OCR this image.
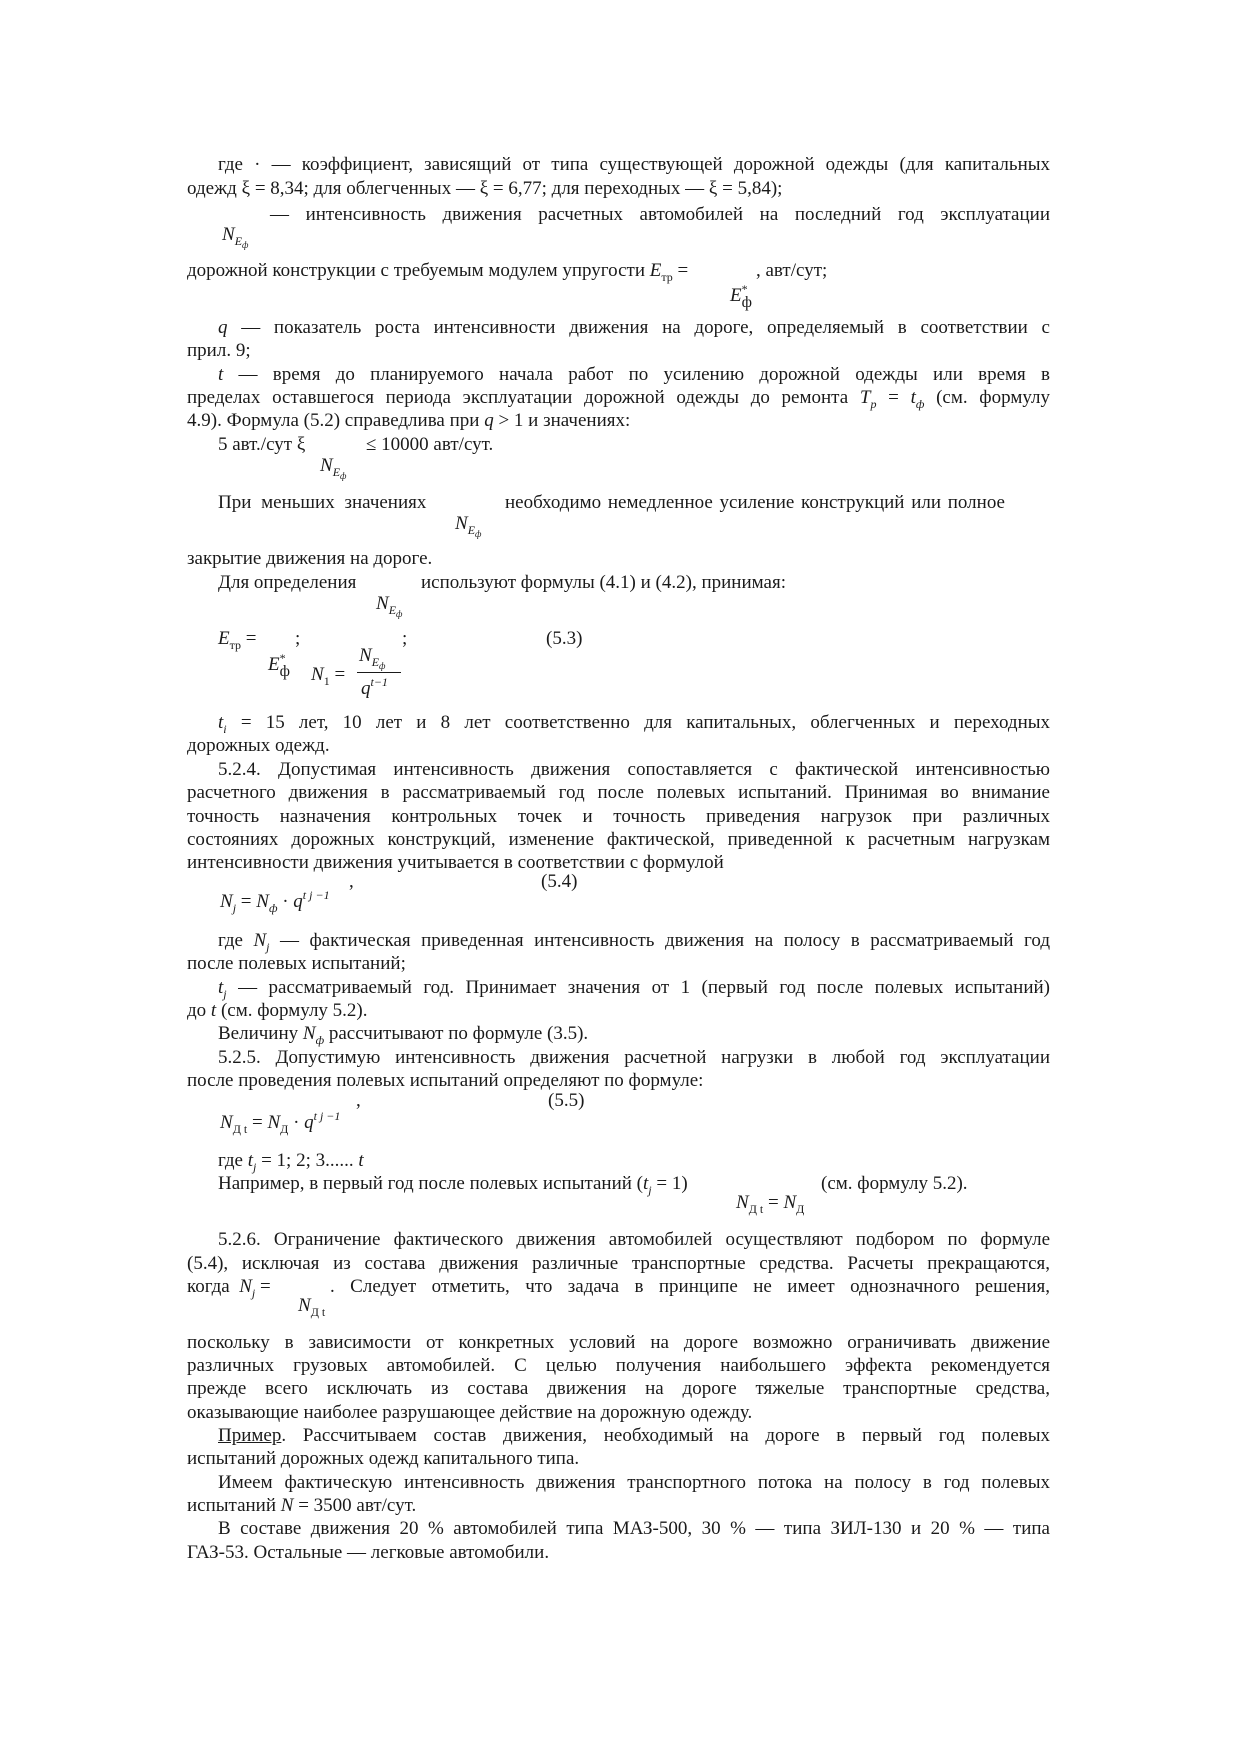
где · — коэффициент, зависящий от типа существующей дорожной одежды (для капитальных
одежд ξ = 8,34; для облегченных — ξ = 6,77; для переходных — ξ = 5,84);
— интенсивность движения расчетных автомобилей на последний год эксплуатации
$N_{E_ф}$
дорожной конструкции с требуемым модулем упругости $E_{тр}$ =	, авт/сут;
$E^*_ф$
q — показатель роста интенсивности движения на дороге, определяемый в соответствии с
прил. 9;
t — время до планируемого начала работ по усилению дорожной одежды или время в
пределах оставшегося периода эксплуатации дорожной одежды до ремонта $T_р = t_ф$ (см. формулу
4.9). Формула (5.2) справедлива при q > 1 и значениях:
5 авт./сут ξ	≤ 10000 авт/сут.
$N_{E_ф}$
При меньших значениях	необходимо немедленное усиление конструкций или полное
$N_{E_ф}$
закрытие движения на дороге.
Для определения	используют формулы (4.1) и (4.2), принимая:
$N_{E_ф}$
$E_{тр}$ = ;	;	(5.3)
$E^*_ф$ $N_1$ =
$N_{E_ф}$
$q^{t-1}$
$t_i = 15$ лет, 10 лет и 8 лет соответственно для капитальных, облегченных и переходных
дорожных одежд.
5.2.4. Допустимая интенсивность движения сопоставляется с фактической интенсивностью
расчетного движения в рассматриваемый год после полевых испытаний. Принимая во внимание
точность назначения контрольных точек и точность приведения нагрузок при различных
состояниях дорожных конструкций, изменение фактической, приведенной к расчетным нагрузкам
интенсивности движения учитывается в соответствии с формулой
,	(5.4)
$N_j = N_ф \cdot q^{t j -1}$
где $N_j$ — фактическая приведенная интенсивность движения на полосу в рассматриваемый год
после полевых испытаний;
$t_j$ — рассматриваемый год. Принимает значения от 1 (первый год после полевых испытаний)
до t (см. формулу 5.2).
Величину $N_ф$ рассчитывают по формуле (3.5).
5.2.5. Допустимую интенсивность движения расчетной нагрузки в любой год эксплуатации
после проведения полевых испытаний определяют по формуле:
,	(5.5)
$N_{Д t} = N_Д \cdot q^{t j -1}$
где $t_j = 1$; 2; 3...... t
Например, в первый год после полевых испытаний $(t_j = 1)$	(см. формулу 5.2).
$N_{Д t} = N_Д$
5.2.6. Ограничение фактического движения автомобилей осуществляют подбором по формуле
(5.4), исключая из состава движения различные транспортные средства. Расчеты прекращаются,
когда $N_j$ =	. Следует отметить, что задача в принципе не имеет однозначного решения,
$N_{Д t}$
поскольку в зависимости от конкретных условий на дороге возможно ограничивать движение
различных грузовых автомобилей. С целью получения наибольшего эффекта рекомендуется
прежде всего исключать из состава движения на дороге тяжелые транспортные средства,
оказывающие наиболее разрушающее действие на дорожную одежду.
Пример. Рассчитываем состав движения, необходимый на дороге в первый год полевых
испытаний дорожных одежд капитального типа.
Имеем фактическую интенсивность движения транспортного потока на полосу в год полевых
испытаний N = 3500 авт/сут.
В составе движения 20 % автомобилей типа МАЗ-500, 30 % — типа ЗИЛ-130 и 20 % — типа
ГАЗ-53. Остальные — легковые автомобили.
